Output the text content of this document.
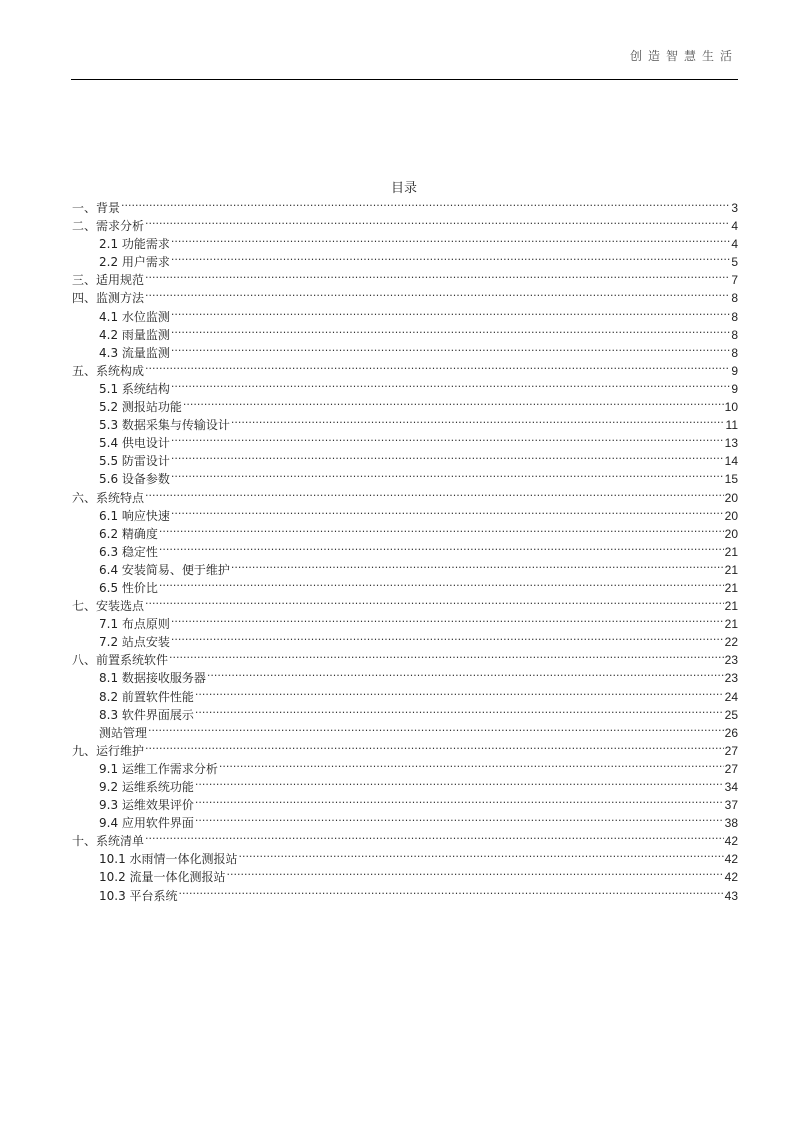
创造智慧生活
目录
一、背景 .....	3
二、需求分析 .....	4
2.1 功能需求 .....	4
2.2 用户需求 .....	5
三、适用规范 .....	7
四、监测方法 .....	8
4.1 水位监测 .....	8
4.2 雨量监测 .....	8
4.3 流量监测 .....	8
五、系统构成 .....	9
5.1 系统结构 .....	9
5.2 测报站功能 .....	10
5.3 数据采集与传输设计 .....	11
5.4 供电设计 .....	13
5.5 防雷设计 .....	14
5.6 设备参数 .....	15
六、系统特点 .....	20
6.1 响应快速 .....	20
6.2 精确度 .....	20
6.3 稳定性 .....	21
6.4 安装简易、便于维护 .....	21
6.5 性价比 .....	21
七、安装选点 .....	21
7.1 布点原则 .....	21
7.2 站点安装 .....	22
八、前置系统软件 .....	23
8.1 数据接收服务器 .....	23
8.2 前置软件性能 .....	24
8.3 软件界面展示 .....	25
测站管理 .....	26
九、运行维护 .....	27
9.1 运维工作需求分析 .....	27
9.2 运维系统功能 .....	34
9.3 运维效果评价 .....	37
9.4 应用软件界面 .....	38
十、系统清单 .....	42
10.1 水雨情一体化测报站 .....	42
10.2 流量一体化测报站 .....	42
10.3 平台系统 .....	43
